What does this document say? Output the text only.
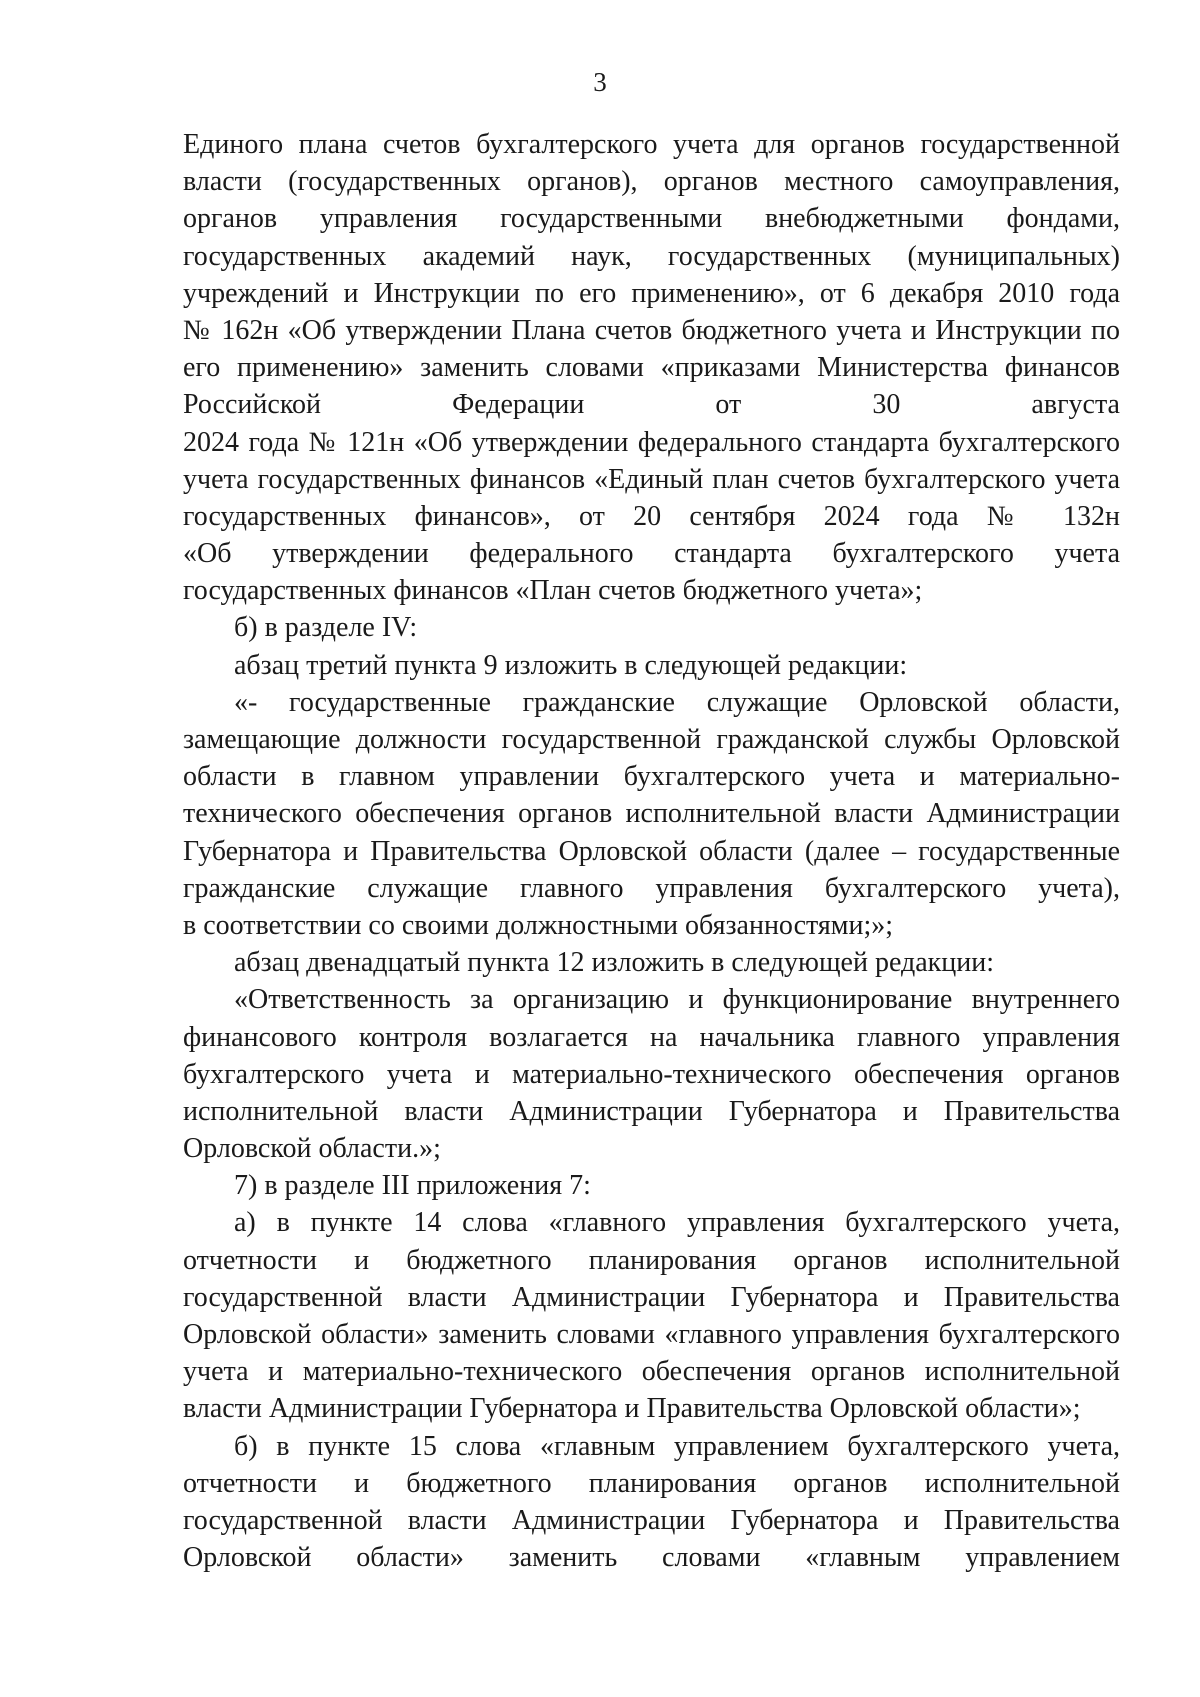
3
Единого плана счетов бухгалтерского учета для органов государственной
власти (государственных органов), органов местного самоуправления,
органов управления государственными внебюджетными фондами,
государственных академий наук, государственных (муниципальных)
учреждений и Инструкции по его применению», от 6 декабря 2010 года
№ 162н «Об утверждении Плана счетов бюджетного учета и Инструкции по
его применению» заменить словами «приказами Министерства финансов
Российской Федерации от 30 августа
2024 года № 121н «Об утверждении федерального стандарта бухгалтерского
учета государственных финансов «Единый план счетов бухгалтерского учета
государственных финансов», от 20 сентября 2024 года № 132н
«Об утверждении федерального стандарта бухгалтерского учета
государственных финансов «План счетов бюджетного учета»;
б) в разделе IV:
абзац третий пункта 9 изложить в следующей редакции:
«- государственные гражданские служащие Орловской области,
замещающие должности государственной гражданской службы Орловской
области в главном управлении бухгалтерского учета и материально-
технического обеспечения органов исполнительной власти Администрации
Губернатора и Правительства Орловской области (далее – государственные
гражданские служащие главного управления бухгалтерского учета),
в соответствии со своими должностными обязанностями;»;
абзац двенадцатый пункта 12 изложить в следующей редакции:
«Ответственность за организацию и функционирование внутреннего
финансового контроля возлагается на начальника главного управления
бухгалтерского учета и материально-технического обеспечения органов
исполнительной власти Администрации Губернатора и Правительства
Орловской области.»;
7) в разделе III приложения 7:
а) в пункте 14 слова «главного управления бухгалтерского учета,
отчетности и бюджетного планирования органов исполнительной
государственной власти Администрации Губернатора и Правительства
Орловской области» заменить словами «главного управления бухгалтерского
учета и материально-технического обеспечения органов исполнительной
власти Администрации Губернатора и Правительства Орловской области»;
б) в пункте 15 слова «главным управлением бухгалтерского учета,
отчетности и бюджетного планирования органов исполнительной
государственной власти Администрации Губернатора и Правительства
Орловской области» заменить словами «главным управлением
